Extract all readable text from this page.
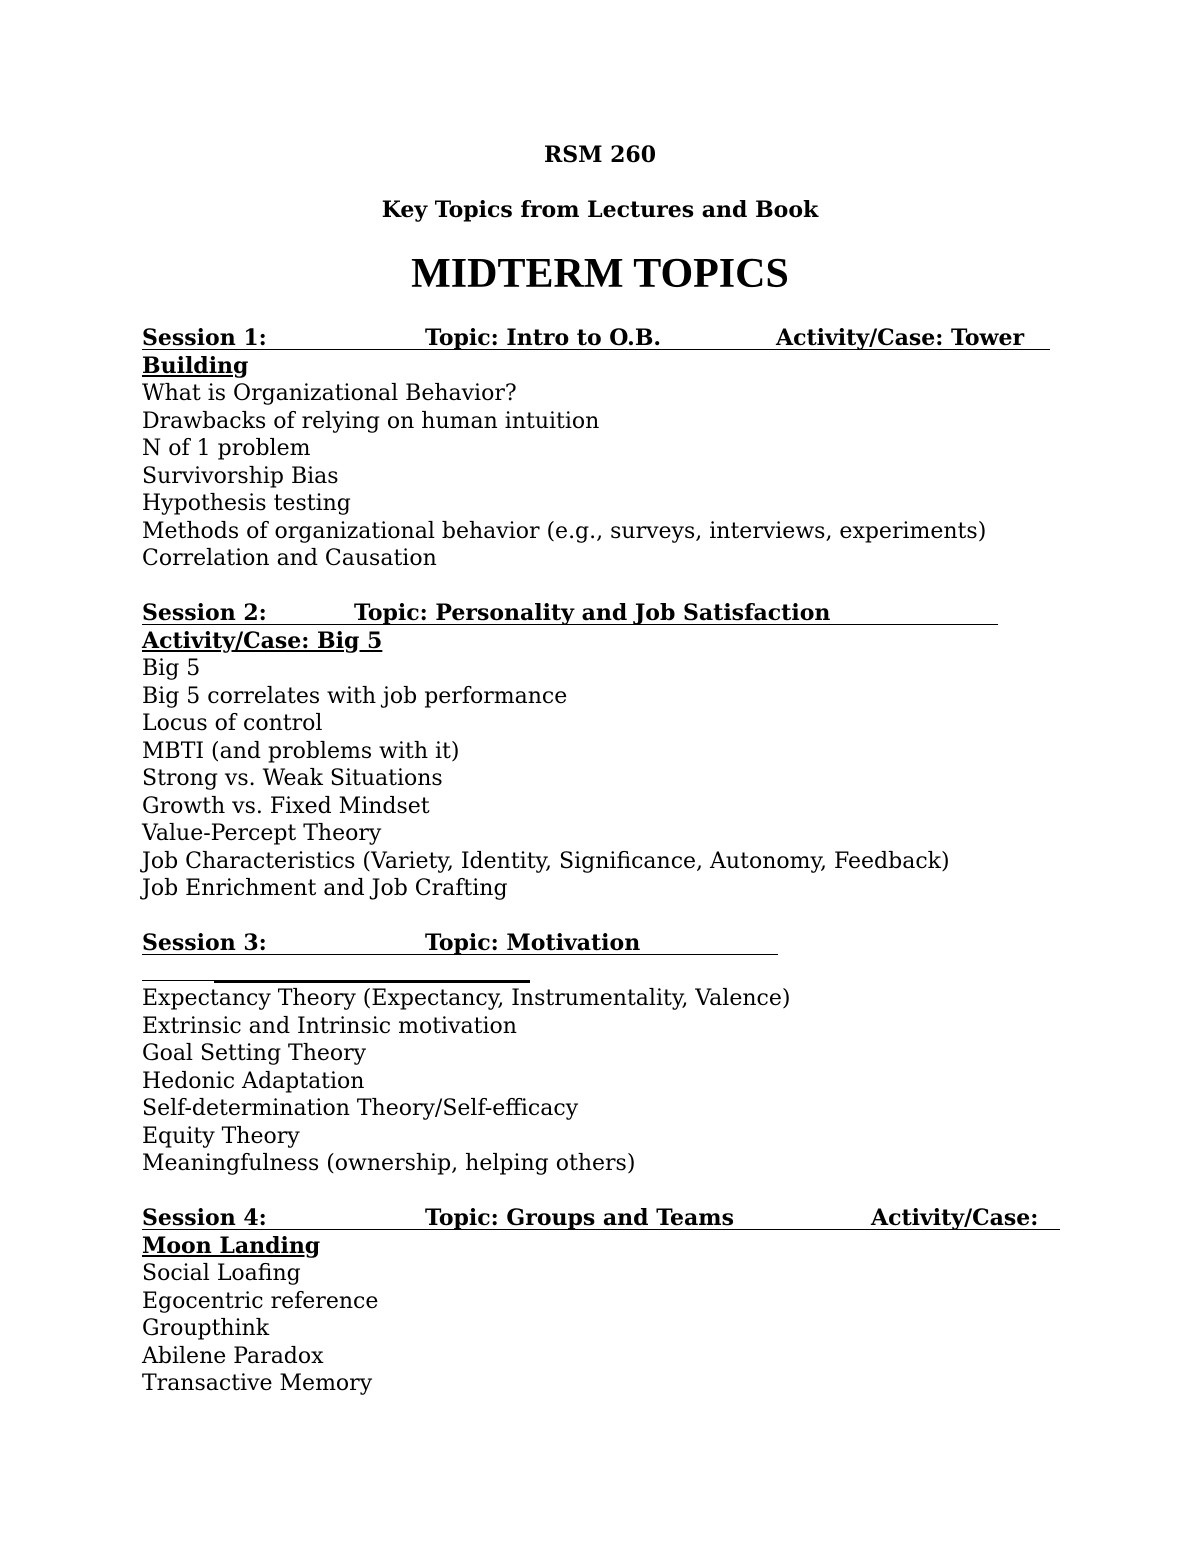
RSM 260
Key Topics from Lectures and Book
MIDTERM TOPICS
Session 1:	Topic: Intro to O.B.	Activity/Case: Tower
Building
What is Organizational Behavior?
Drawbacks of relying on human intuition
N of 1 problem
Survivorship Bias
Hypothesis testing
Methods of organizational behavior (e.g., surveys, interviews, experiments)
Correlation and Causation
Session 2:	Topic: Personality and Job Satisfaction
Activity/Case: Big 5
Big 5
Big 5 correlates with job performance
Locus of control
MBTI (and problems with it)
Strong vs. Weak Situations
Growth vs. Fixed Mindset
Value-Percept Theory
Job Characteristics (Variety, Identity, Significance, Autonomy, Feedback)
Job Enrichment and Job Crafting
Session 3:	Topic: Motivation
Expectancy Theory (Expectancy, Instrumentality, Valence)
Extrinsic and Intrinsic motivation
Goal Setting Theory
Hedonic Adaptation
Self-determination Theory/Self-efficacy
Equity Theory
Meaningfulness (ownership, helping others)
Session 4:	Topic: Groups and Teams	Activity/Case:
Moon Landing
Social Loafing
Egocentric reference
Groupthink
Abilene Paradox
Transactive Memory
